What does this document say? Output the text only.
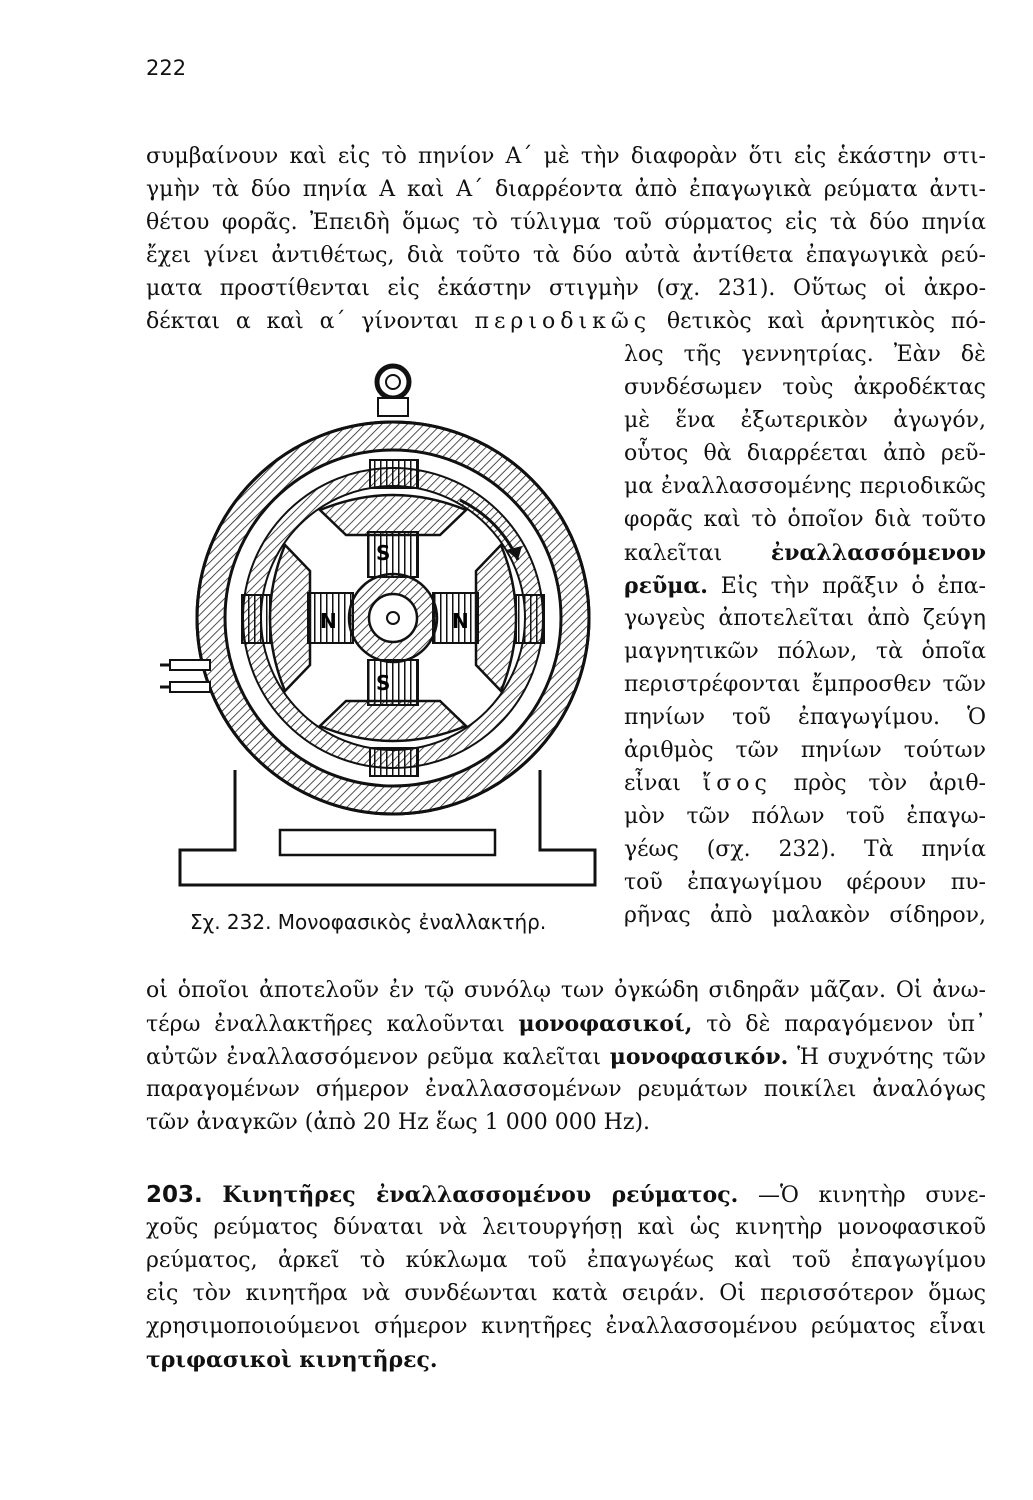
222
συμβαίνουν καὶ εἰς τὸ πηνίον Α΄ μὲ τὴν διαφορὰν ὅτι εἰς ἑκάστην στι-
γμὴν τὰ δύο πηνία Α καὶ Α΄ διαρρέοντα ἀπὸ ἐπαγωγικὰ ρεύματα ἀντι-
θέτου φορᾶς. Ἐπειδὴ ὅμως τὸ τύλιγμα τοῦ σύρματος εἰς τὰ δύο πηνία
ἔχει γίνει ἀντιθέτως, διὰ τοῦτο τὰ δύο αὐτὰ ἀντίθετα ἐπαγωγικὰ ρεύ-
ματα προστίθενται εἰς ἑκάστην στιγμὴν (σχ. 231). Οὕτως οἱ ἀκρο-
δέκται α καὶ α΄ γίνονται περιοδικῶς θετικὸς καὶ ἀρνητικὸς πό-
λος τῆς γεννητρίας. Ἐὰν δὲ
συνδέσωμεν τοὺς ἀκροδέκτας
μὲ ἕνα ἐξωτερικὸν ἀγωγόν,
οὗτος θὰ διαρρέεται ἀπὸ ρεῦ-
μα ἐναλλασσομένης περιοδικῶς
φορᾶς καὶ τὸ ὁποῖον διὰ τοῦτο
καλεῖται ἐναλλασσόμενον
ρεῦμα. Εἰς τὴν πρᾶξιν ὁ ἐπα-
γωγεὺς ἀποτελεῖται ἀπὸ ζεύγη
μαγνητικῶν πόλων, τὰ ὁποῖα
περιστρέφονται ἔμπροσθεν τῶν
πηνίων τοῦ ἐπαγωγίμου. Ὁ
ἀριθμὸς τῶν πηνίων τούτων
εἶναι ἴσος πρὸς τὸν ἀριθ-
μὸν τῶν πόλων τοῦ ἐπαγω-
γέως (σχ. 232). Τὰ πηνία
τοῦ ἐπαγωγίμου φέρουν πυ-
ρῆνας ἀπὸ μαλακὸν σίδηρον,
S
N
S
N
Σχ. 232. Μονοφασικὸς ἐναλλακτήρ.
οἱ ὁποῖοι ἀποτελοῦν ἐν τῷ συνόλῳ των ὀγκώδη σιδηρᾶν μᾶζαν. Οἱ ἀνω-
τέρω ἐναλλακτῆρες καλοῦνται μονοφασικοί, τὸ δὲ παραγόμενον ὑπ᾿
αὐτῶν ἐναλλασσόμενον ρεῦμα καλεῖται μονοφασικόν. Ἡ συχνότης τῶν
παραγομένων σήμερον ἐναλλασσομένων ρευμάτων ποικίλει ἀναλόγως
τῶν ἀναγκῶν (ἀπὸ 20 Hz ἕως 1 000 000 Hz).
203. Κινητῆρες ἐναλλασσομένου ρεύματος. —Ὁ κινητὴρ συνε-
χοῦς ρεύματος δύναται νὰ λειτουργήσῃ καὶ ὡς κινητὴρ μονοφασικοῦ
ρεύματος, ἀρκεῖ τὸ κύκλωμα τοῦ ἐπαγωγέως καὶ τοῦ ἐπαγωγίμου
εἰς τὸν κινητῆρα νὰ συνδέωνται κατὰ σειράν. Οἱ περισσότερον ὅμως
χρησιμοποιούμενοι σήμερον κινητῆρες ἐναλλασσομένου ρεύματος εἶναι
τριφασικοὶ κινητῆρες.
